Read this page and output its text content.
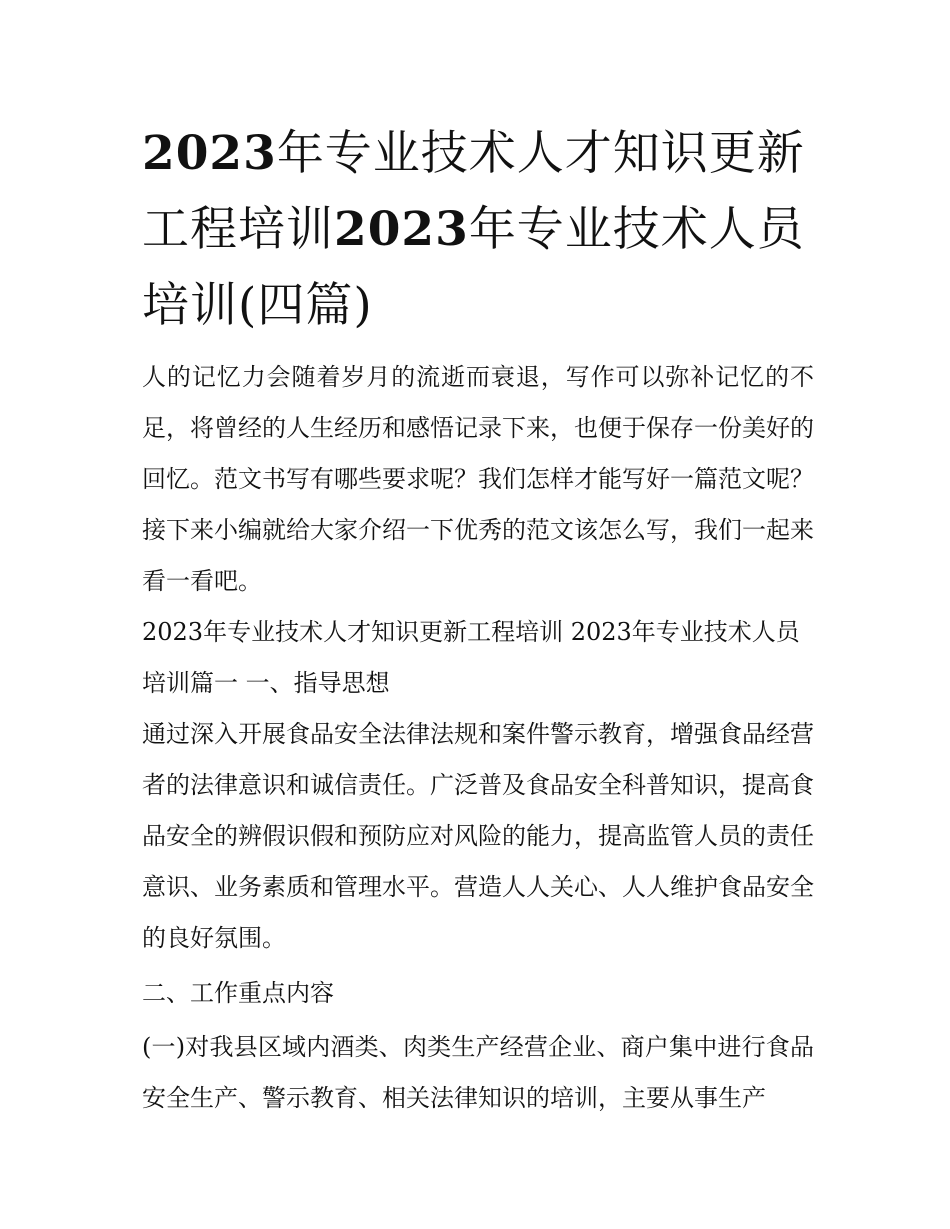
2023年专业技术人才知识更新工程培训2023年专业技术人员培训(四篇)

人的记忆力会随着岁月的流逝而衰退，写作可以弥补记忆的不足，将曾经的人生经历和感悟记录下来，也便于保存一份美好的回忆。范文书写有哪些要求呢？我们怎样才能写好一篇范文呢？接下来小编就给大家介绍一下优秀的范文该怎么写，我们一起来看一看吧。

2023年专业技术人才知识更新工程培训 2023年专业技术人员培训篇一 一、指导思想

通过深入开展食品安全法律法规和案件警示教育，增强食品经营者的法律意识和诚信责任。广泛普及食品安全科普知识，提高食品安全的辨假识假和预防应对风险的能力，提高监管人员的责任意识、业务素质和管理水平。营造人人关心、人人维护食品安全的良好氛围。

二、工作重点内容

(一)对我县区域内酒类、肉类生产经营企业、商户集中进行食品安全生产、警示教育、相关法律知识的培训，主要从事生产
